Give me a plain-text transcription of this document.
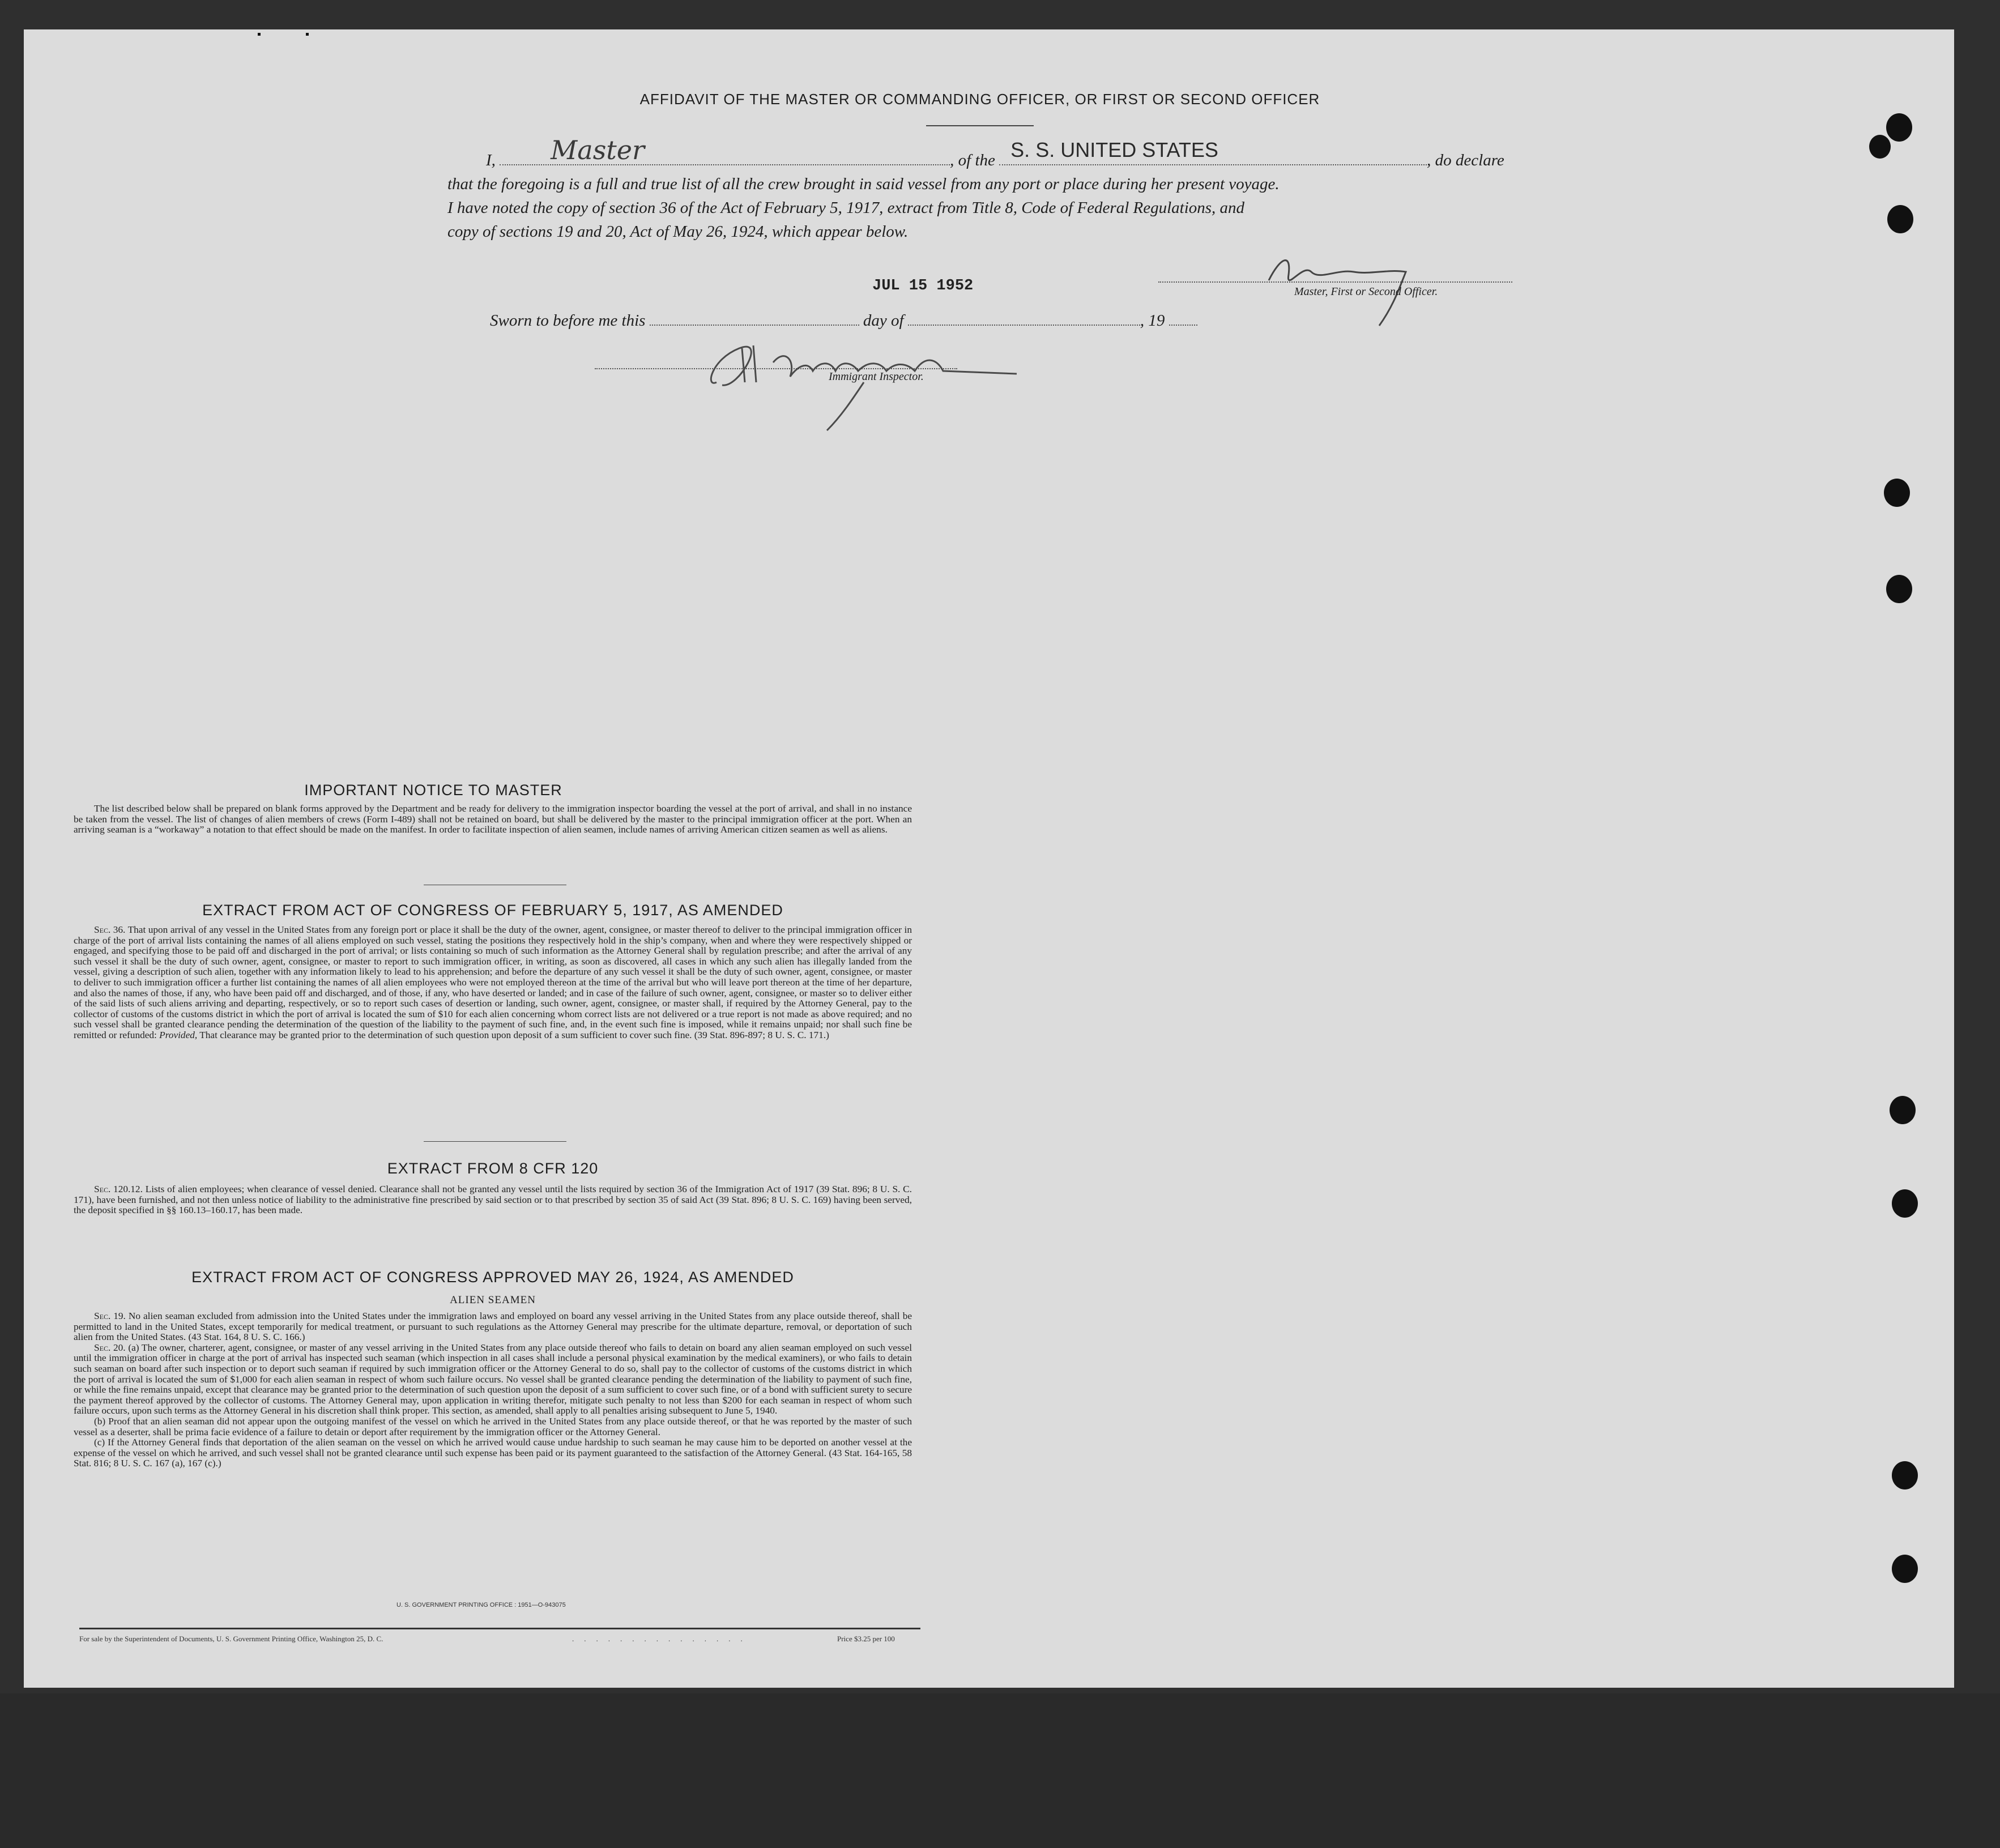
AFFIDAVIT OF THE MASTER OR COMMANDING OFFICER, OR FIRST OR SECOND OFFICER
I, Master	, of the S. S. UNITED STATES	, do declare
that the foregoing is a full and true list of all the crew brought in said vessel from any port or place during her present voyage.
I have noted the copy of section 36 of the Act of February 5, 1917, extract from Title 8, Code of Federal Regulations, and
copy of sections 19 and 20, Act of May 26, 1924, which appear below.
JUL 15 1952	Master, First or Second Officer.
Sworn to before me this	day of	, 19
Immigrant Inspector.
IMPORTANT NOTICE TO MASTER

The list described below shall be prepared on blank forms approved by the Department and be ready for delivery to the immigration inspector boarding the vessel at the port of arrival, and shall in no instance be taken from the vessel. The list of changes of alien members of crews (Form I-489) shall not be retained on board, but shall be delivered by the master to the principal immigration officer at the port. When an arriving seaman is a “workaway” a notation to that effect should be made on the manifest. In order to facilitate inspection of alien seamen, include names of arriving American citizen seamen as well as aliens.

EXTRACT FROM ACT OF CONGRESS OF FEBRUARY 5, 1917, AS AMENDED

Sec. 36. That upon arrival of any vessel in the United States from any foreign port or place it shall be the duty of the owner, agent, consignee, or master thereof to deliver to the principal immigration officer in charge of the port of arrival lists containing the names of all aliens employed on such vessel, stating the positions they respectively hold in the ship’s company, when and where they were respectively shipped or engaged, and specifying those to be paid off and discharged in the port of arrival; or lists containing so much of such information as the Attorney General shall by regulation prescribe; and after the arrival of any such vessel it shall be the duty of such owner, agent, consignee, or master to report to such immigration officer, in writing, as soon as discovered, all cases in which any such alien has illegally landed from the vessel, giving a description of such alien, together with any information likely to lead to his apprehension; and before the departure of any such vessel it shall be the duty of such owner, agent, consignee, or master to deliver to such immigration officer a further list containing the names of all alien employees who were not employed thereon at the time of the arrival but who will leave port thereon at the time of her departure, and also the names of those, if any, who have been paid off and discharged, and of those, if any, who have deserted or landed; and in case of the failure of such owner, agent, consignee, or master so to deliver either of the said lists of such aliens arriving and departing, respectively, or so to report such cases of desertion or landing, such owner, agent, consignee, or master shall, if required by the Attorney General, pay to the collector of customs of the customs district in which the port of arrival is located the sum of $10 for each alien concerning whom correct lists are not delivered or a true report is not made as above required; and no such vessel shall be granted clearance pending the determination of the question of the liability to the payment of such fine, and, in the event such fine is imposed, while it remains unpaid; nor shall such fine be remitted or refunded: Provided, That clearance may be granted prior to the determination of such question upon deposit of a sum sufficient to cover such fine. (39 Stat. 896-897; 8 U. S. C. 171.)

EXTRACT FROM 8 CFR 120

Sec. 120.12. Lists of alien employees; when clearance of vessel denied. Clearance shall not be granted any vessel until the lists required by section 36 of the Immigration Act of 1917 (39 Stat. 896; 8 U. S. C. 171), have been furnished, and not then unless notice of liability to the administrative fine prescribed by said section or to that prescribed by section 35 of said Act (39 Stat. 896; 8 U. S. C. 169) having been served, the deposit specified in §§ 160.13–160.17, has been made.

EXTRACT FROM ACT OF CONGRESS APPROVED MAY 26, 1924, AS AMENDED
ALIEN SEAMEN

Sec. 19. No alien seaman excluded from admission into the United States under the immigration laws and employed on board any vessel arriving in the United States from any place outside thereof, shall be permitted to land in the United States, except temporarily for medical treatment, or pursuant to such regulations as the Attorney General may prescribe for the ultimate departure, removal, or deportation of such alien from the United States. (43 Stat. 164, 8 U. S. C. 166.)

Sec. 20. (a) The owner, charterer, agent, consignee, or master of any vessel arriving in the United States from any place outside thereof who fails to detain on board any alien seaman employed on such vessel until the immigration officer in charge at the port of arrival has inspected such seaman (which inspection in all cases shall include a personal physical examination by the medical examiners), or who fails to detain such seaman on board after such inspection or to deport such seaman if required by such immigration officer or the Attorney General to do so, shall pay to the collector of customs of the customs district in which the port of arrival is located the sum of $1,000 for each alien seaman in respect of whom such failure occurs. No vessel shall be granted clearance pending the determination of the liability to payment of such fine, or while the fine remains unpaid, except that clearance may be granted prior to the determination of such question upon the deposit of a sum sufficient to cover such fine, or of a bond with sufficient surety to secure the payment thereof approved by the collector of customs. The Attorney General may, upon application in writing therefor, mitigate such penalty to not less than $200 for each seaman in respect of whom such failure occurs, upon such terms as the Attorney General in his discretion shall think proper. This section, as amended, shall apply to all penalties arising subsequent to June 5, 1940.

(b) Proof that an alien seaman did not appear upon the outgoing manifest of the vessel on which he arrived in the United States from any place outside thereof, or that he was reported by the master of such vessel as a deserter, shall be prima facie evidence of a failure to detain or deport after requirement by the immigration officer or the Attorney General.

(c) If the Attorney General finds that deportation of the alien seaman on the vessel on which he arrived would cause undue hardship to such seaman he may cause him to be deported on another vessel at the expense of the vessel on which he arrived, and such vessel shall not be granted clearance until such expense has been paid or its payment guaranteed to the satisfaction of the Attorney General. (43 Stat. 164-165, 58 Stat. 816; 8 U. S. C. 167 (a), 167 (c).)

U. S. GOVERNMENT PRINTING OFFICE : 1951—O-943075
For sale by the Superintendent of Documents, U. S. Government Printing Office, Washington 25, D. C.	...............	Price $3.25 per 100
